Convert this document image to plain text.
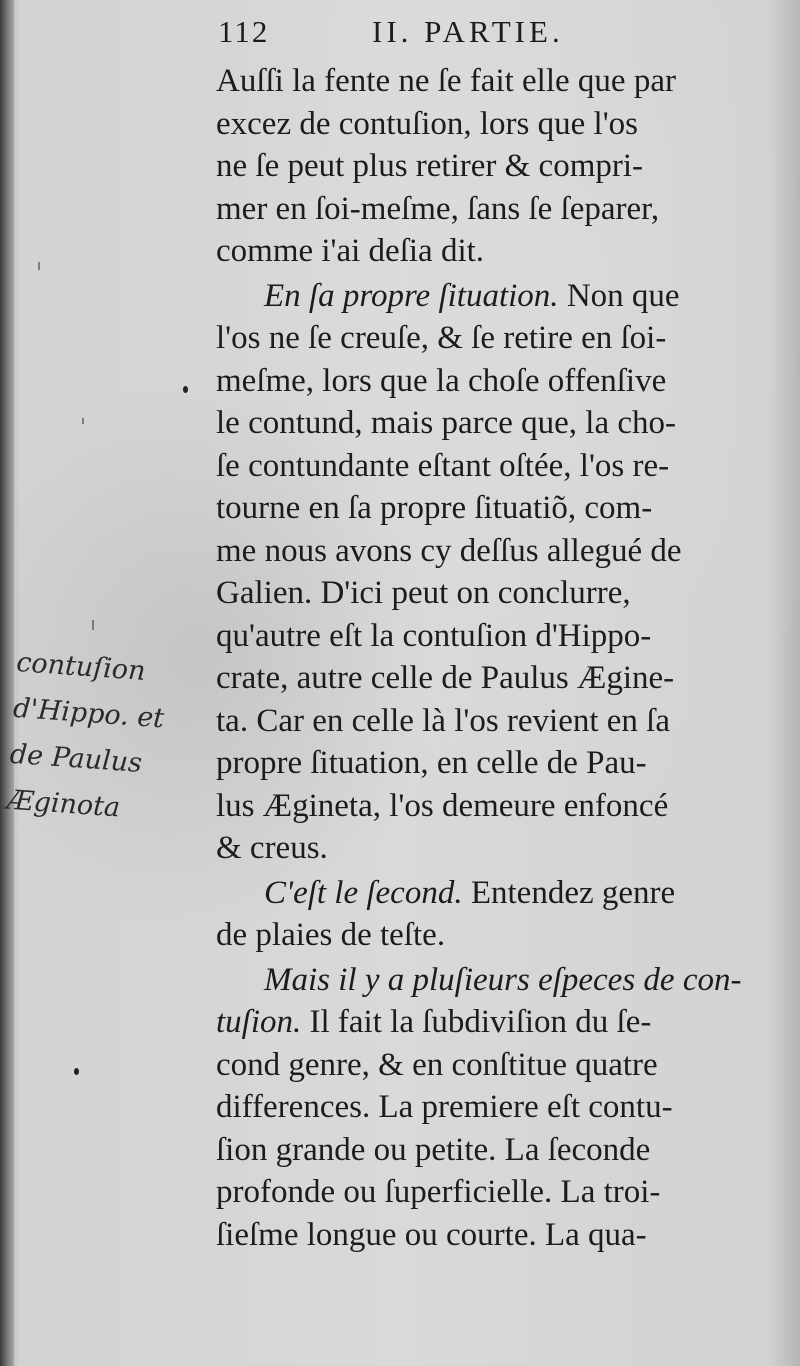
112	II. PARTIE.
Auſſi la fente ne ſe fait elle que par
excez de contuſion, lors que l'os
ne ſe peut plus retirer & compri-
mer en ſoi-meſme, ſans ſe ſeparer,
comme i'ai deſia dit.
En ſa propre ſituation. Non que
l'os ne ſe creuſe, & ſe retire en ſoi-
meſme, lors que la choſe offenſive
le contund, mais parce que, la cho-
ſe contundante eſtant oſtée, l'os re-
tourne en ſa propre ſituatiõ, com-
me nous avons cy deſſus allegué de
Galien. D'ici peut on conclurre,
qu'autre eſt la contuſion d'Hippo-
crate, autre celle de Paulus Ægine-
ta. Car en celle là l'os revient en ſa
propre ſituation, en celle de Pau-
lus Ægineta, l'os demeure enfoncé
& creus.
C'eſt le ſecond. Entendez genre
de plaies de teſte.
Mais il y a pluſieurs eſpeces de con-
tuſion. Il fait la ſubdiviſion du ſe-
cond genre, & en conſtitue quatre
differences. La premiere eſt contu-
ſion grande ou petite. La ſeconde
profonde ou ſuperficielle. La troi-
ſieſme longue ou courte. La qua-
contuſion
d'Hippo. et
de Paulus
Æginota
